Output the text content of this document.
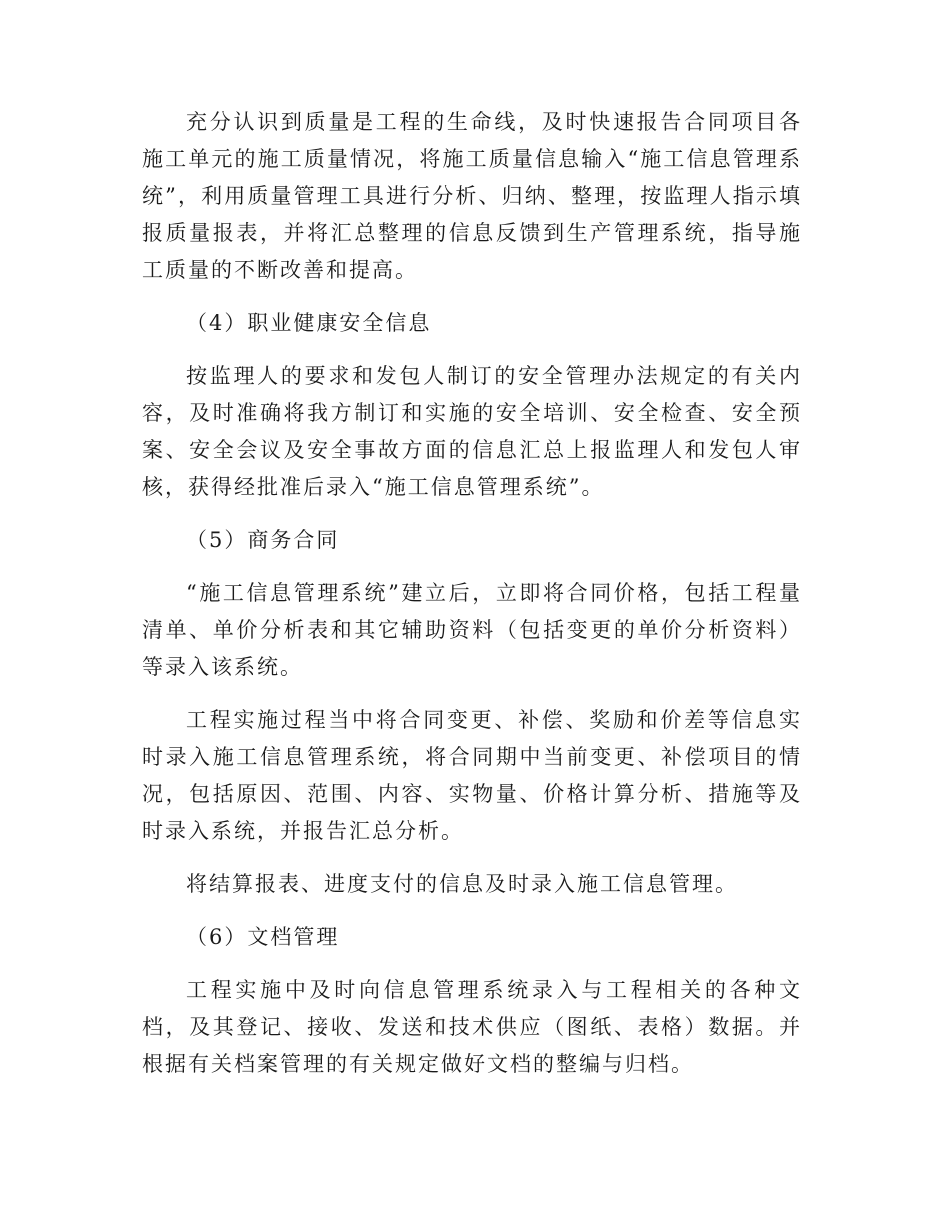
充分认识到质量是工程的生命线，及时快速报告合同项目各施工单元的施工质量情况，将施工质量信息输入“施工信息管理系统”，利用质量管理工具进行分析、归纳、整理，按监理人指示填报质量报表，并将汇总整理的信息反馈到生产管理系统，指导施工质量的不断改善和提高。

（4）职业健康安全信息

按监理人的要求和发包人制订的安全管理办法规定的有关内容，及时准确将我方制订和实施的安全培训、安全检查、安全预案、安全会议及安全事故方面的信息汇总上报监理人和发包人审核，获得经批准后录入“施工信息管理系统”。

（5）商务合同

“施工信息管理系统”建立后，立即将合同价格，包括工程量清单、单价分析表和其它辅助资料（包括变更的单价分析资料）等录入该系统。

工程实施过程当中将合同变更、补偿、奖励和价差等信息实时录入施工信息管理系统，将合同期中当前变更、补偿项目的情况，包括原因、范围、内容、实物量、价格计算分析、措施等及时录入系统，并报告汇总分析。

将结算报表、进度支付的信息及时录入施工信息管理。

（6）文档管理

工程实施中及时向信息管理系统录入与工程相关的各种文档，及其登记、接收、发送和技术供应（图纸、表格）数据。并根据有关档案管理的有关规定做好文档的整编与归档。
